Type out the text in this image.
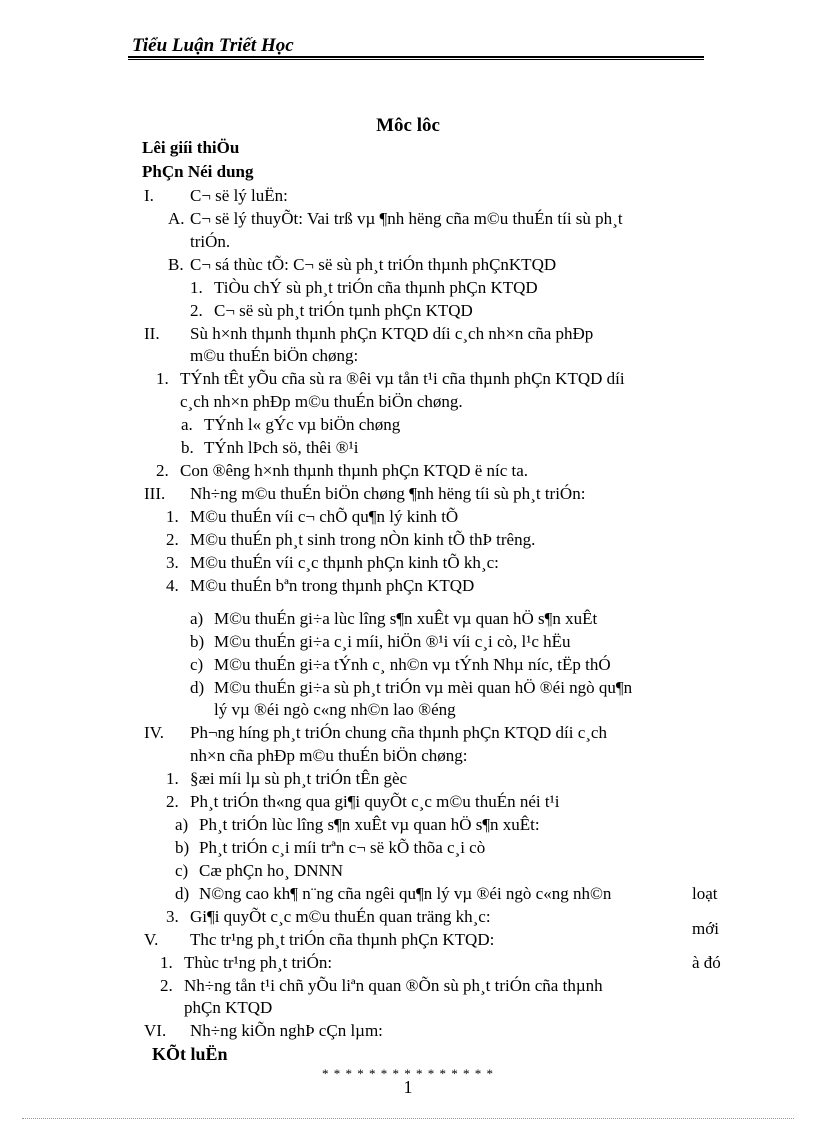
Tiểu Luận Triết Học
Môc lôc
Lêi giíi thiÖu
PhÇn Néi dung
I. C¬ së lý luËn:
A. C¬ së lý thuyÕt: Vai trß vµ ¶nh hëng cña m©u thuÉn tíi sù ph¸t
triÓn.
B. C¬ sá thùc tÕ: C¬ së sù ph¸t triÓn thµnh phÇnKTQD
1. TiÒu chÝ sù ph¸t triÓn cña thµnh phÇn KTQD
2. C¬ së sù ph¸t triÓn tµnh phÇn KTQD
II. Sù h×nh thµnh thµnh phÇn KTQD díi c¸ch nh×n cña phÐp
m©u thuÉn biÖn chøng:
1. TÝnh tÊt yÕu cña sù ra ®êi vµ tån t¹i cña thµnh phÇn KTQD díi
c¸ch nh×n phÐp m©u thuÉn biÖn chøng.
a. TÝnh l« gÝc vµ biÖn chøng
b. TÝnh lÞch sö, thêi ®¹i
2. Con ®êng h×nh thµnh thµnh phÇn KTQD ë níc ta.
III. Nh÷ng m©u thuÉn biÖn chøng ¶nh hëng tíi sù ph¸t triÓn:
1. M©u thuÉn víi c¬ chÕ qu¶n lý kinh tÕ
2. M©u thuÉn ph¸t sinh trong nÒn kinh tÕ thÞ trêng.
3. M©u thuÉn víi c¸c thµnh phÇn kinh tÕ kh¸c:
4. M©u thuÉn bªn trong thµnh phÇn KTQD
a) M©u thuÉn gi÷a lùc lîng s¶n xuÊt vµ quan hÖ s¶n xuÊt
b) M©u thuÉn gi÷a c¸i míi, hiÖn ®¹i víi c¸i cò, l¹c hËu
c) M©u thuÉn gi÷a tÝnh c¸ nh©n vµ tÝnh Nhµ níc, tËp thÓ
d) M©u thuÉn gi÷a sù ph¸t triÓn vµ mèi quan hÖ ®éi ngò qu¶n
lý vµ ®éi ngò c«ng nh©n lao ®éng
IV. Ph¬ng híng ph¸t triÓn chung cña thµnh phÇn KTQD díi c¸ch
nh×n cña phÐp m©u thuÉn biÖn chøng:
1. §æi míi lµ sù ph¸t triÓn tÊn gèc
2. Ph¸t triÓn th«ng qua gi¶i quyÕt c¸c m©u thuÉn néi t¹i
a) Ph¸t triÓn lùc lîng s¶n xuÊt vµ quan hÖ s¶n xuÊt:
b) Ph¸t triÓn c¸i míi trªn c¬ së kÕ thõa c¸i cò
c) Cæ phÇn ho¸ DNNN
d) N©ng cao kh¶ n¨ng cña ngêi qu¶n lý vµ ®éi ngò c«ng nh©n
3. Gi¶i quyÕt c¸c m©u thuÉn quan träng kh¸c:
V. Thc tr¹ng ph¸t triÓn cña thµnh phÇn KTQD:
1. Thùc tr¹ng ph¸t triÓn:
2. Nh÷ng tån t¹i chñ yÕu liªn quan ®Õn sù ph¸t triÓn cña thµnh
phÇn KTQD
VI. Nh÷ng kiÕn nghÞ cÇn lµm:
KÕt luËn
loạt
mới
à đó
* * * * * * * * * * * * * * *
1
